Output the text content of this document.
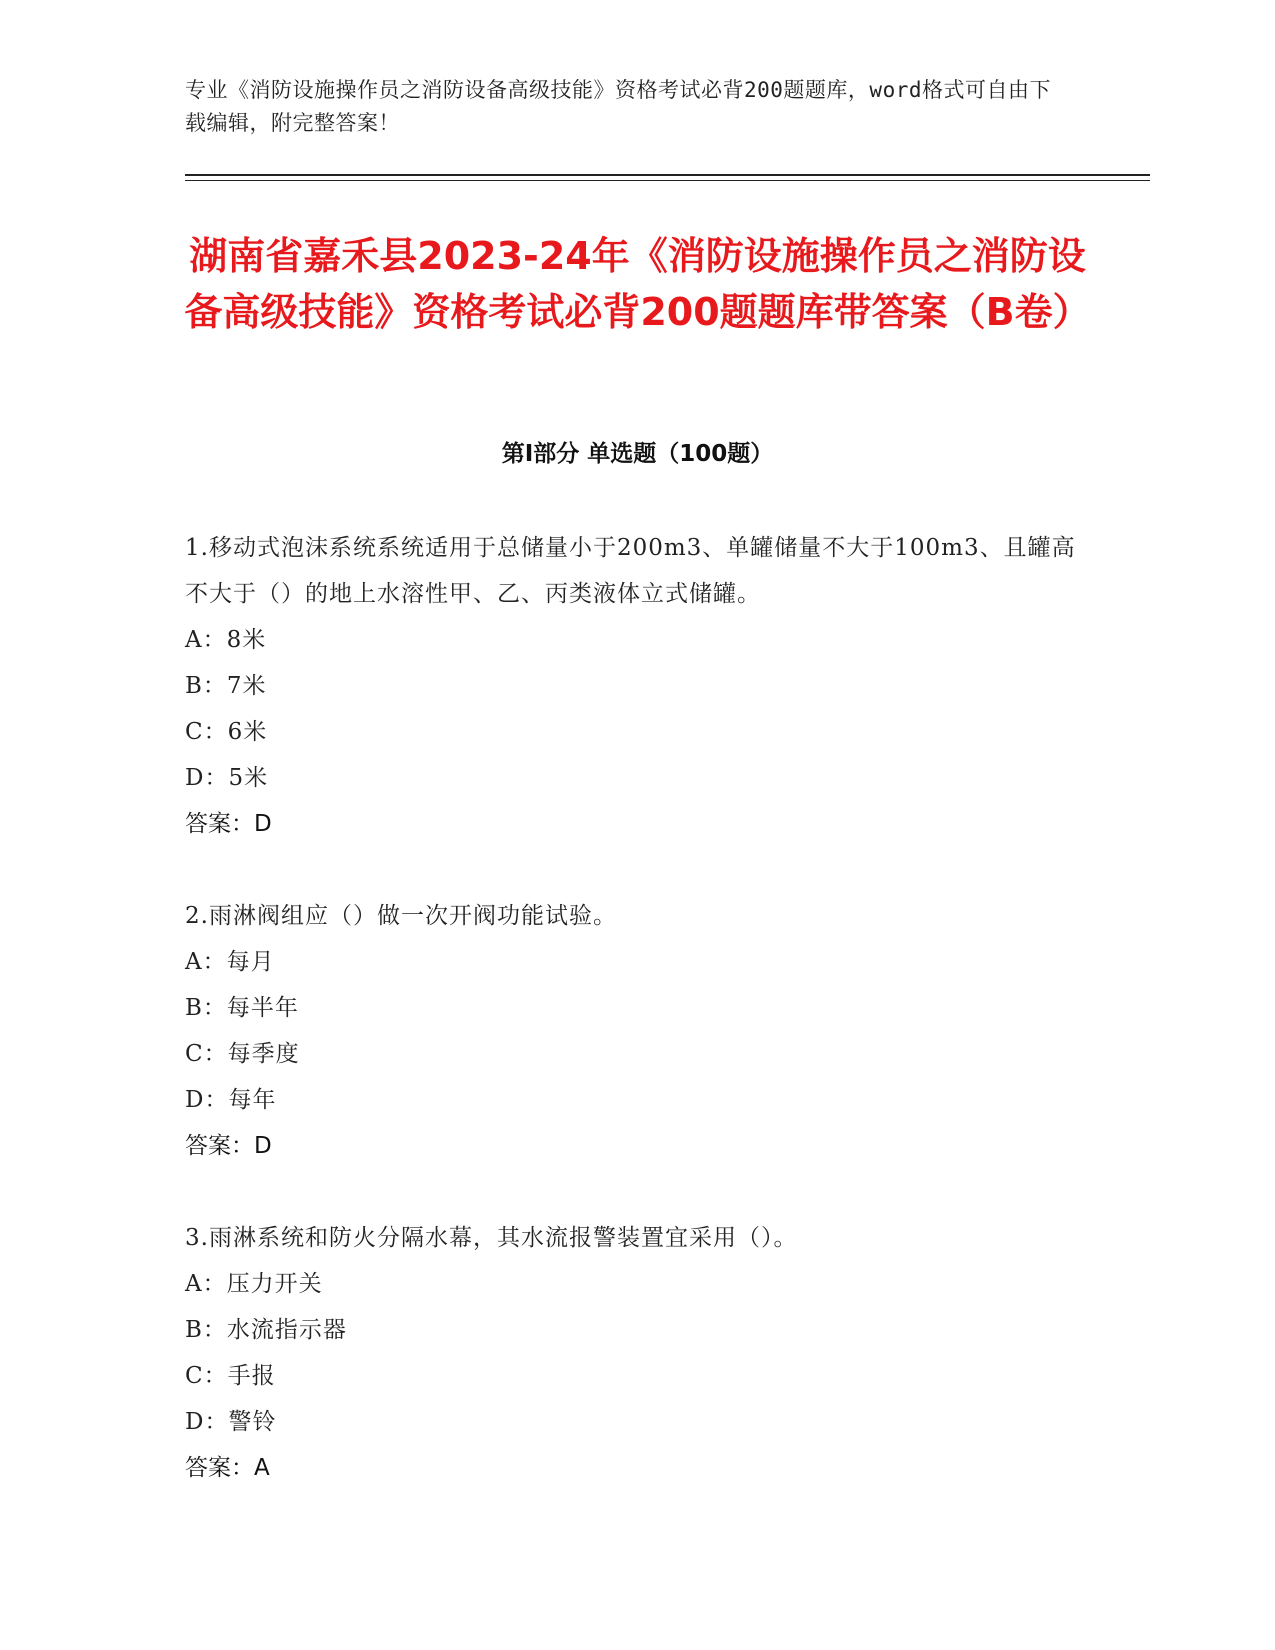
专业《消防设施操作员之消防设备高级技能》资格考试必背200题题库，word格式可自由下载编辑，附完整答案！
湖南省嘉禾县2023-24年《消防设施操作员之消防设备高级技能》资格考试必背200题题库带答案（B卷）
第Ⅰ部分 单选题（100题）
1.移动式泡沫系统系统适用于总储量小于200m3、单罐储量不大于100m3、且罐高不大于（）的地上水溶性甲、乙、丙类液体立式储罐。
A：8米
B：7米
C：6米
D：5米
答案：D
2.雨淋阀组应（）做一次开阀功能试验。
A：每月
B：每半年
C：每季度
D：每年
答案：D
3.雨淋系统和防火分隔水幕，其水流报警装置宜采用（）。
A：压力开关
B：水流指示器
C：手报
D：警铃
答案：A
